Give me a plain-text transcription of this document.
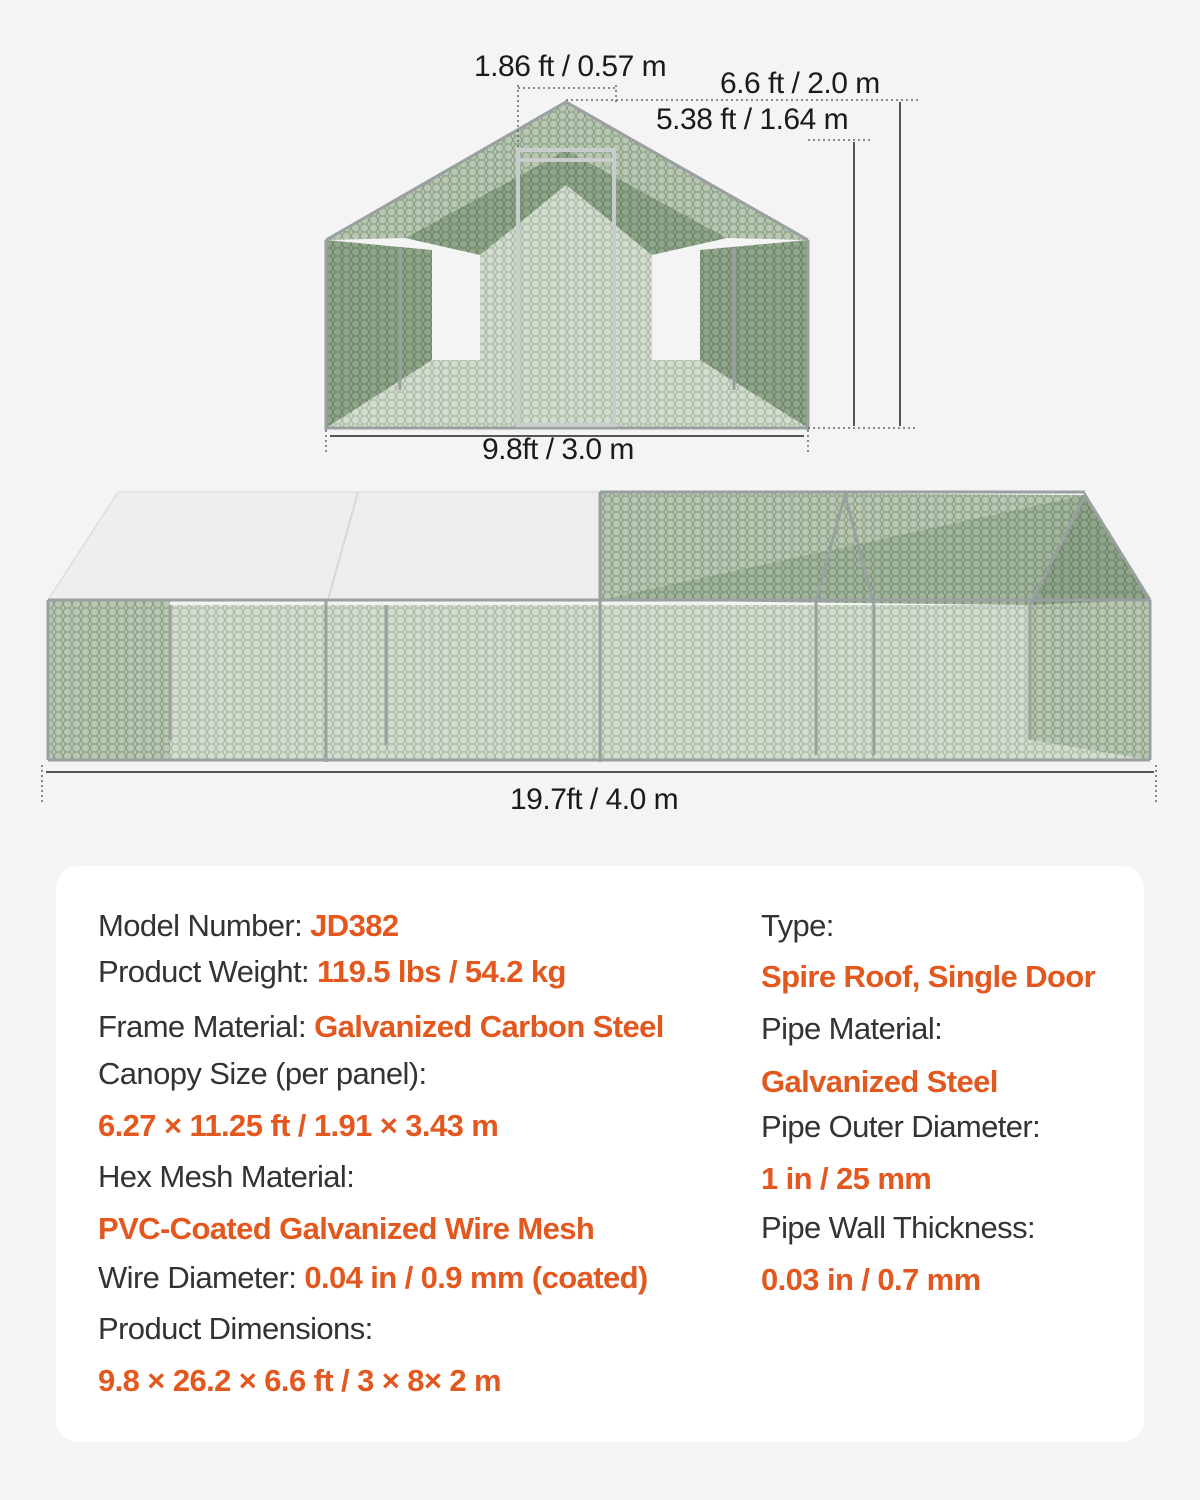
1.86 ft / 0.57 m
6.6 ft / 2.0 m
5.38 ft / 1.64 m
9.8ft / 3.0 m
19.7ft / 4.0 m
Model Number: JD382
Product Weight: 119.5 lbs / 54.2 kg
Frame Material: Galvanized Carbon Steel
Canopy Size (per panel):
6.27 × 11.25 ft / 1.91 × 3.43 m
Hex Mesh Material:
PVC-Coated Galvanized Wire Mesh
Wire Diameter: 0.04 in / 0.9 mm (coated)
Product Dimensions:
9.8 × 26.2 × 6.6 ft / 3 × 8× 2 m
Type:
Spire Roof, Single Door
Pipe Material:
Galvanized Steel
Pipe Outer Diameter:
1 in / 25 mm
Pipe Wall Thickness:
0.03 in / 0.7 mm
